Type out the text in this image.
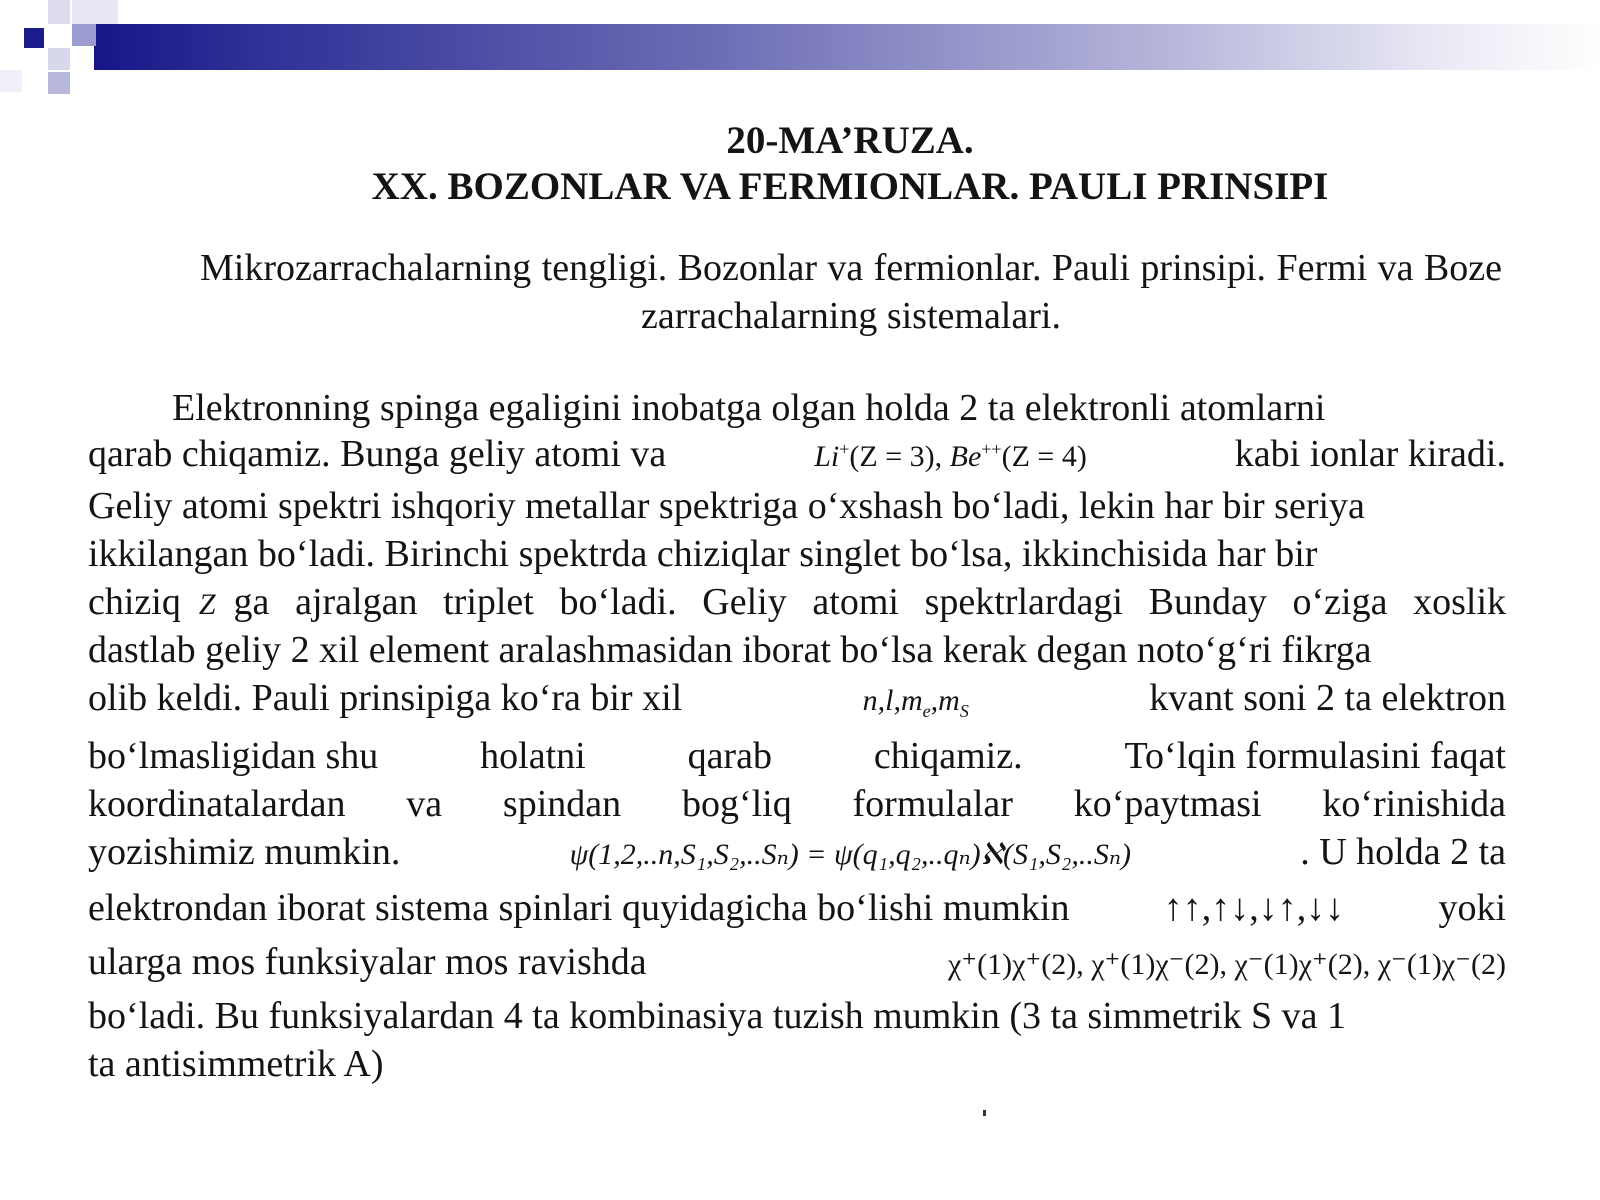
20-MA’RUZA.
XX. BOZONLAR VA FERMIONLAR. PAULI PRINSIPI
Mikrozarrachalarning tengligi. Bozonlar va fermionlar. Pauli prinsipi. Fermi va Boze zarrachalarning sistemalari.
Elektronning spinga egaligini inobatga olgan holda 2 ta elektronli atomlarni
qarab chiqamiz. Bunga geliy atomi va	Li+(Z = 3), Be++(Z = 4)	kabi ionlar kiradi.
Geliy atomi spektri ishqoriy metallar spektriga o‘xshash bo‘ladi, lekin har bir seriya
ikkilangan bo‘ladi. Birinchi spektrda chiziqlar singlet bo‘lsa, ikkinchisida har bir
chiziq Z ga ajralgan triplet bo‘ladi. Geliy atomi spektrlardagi Bunday o‘ziga xoslik
dastlab geliy 2 xil element aralashmasidan iborat bo‘lsa kerak degan noto‘g‘ri fikrga
olib keldi. Pauli prinsipiga ko‘ra bir xil	$n,l,m_e,m_S$	kvant soni 2 ta elektron
bo‘lmasligidan shu	holatni	qarab	chiqamiz.	To‘lqin formulasini faqat
koordinatalardan va spindan bog‘liq formulalar ko‘paytmasi ko‘rinishida
yozishimiz mumkin.	ψ(1,2,..n,S₁,S₂,..Sₙ) = ψ(q₁,q₂,..qₙ)ℵ(S₁,S₂,..Sₙ)	. U holda 2 ta
elektrondan iborat sistema spinlari quyidagicha bo‘lishi mumkin ↑↑,↑↓,↓↑,↓↓ yoki
ularga mos funksiyalar mos ravishda	χ⁺(1)χ⁺(2), χ⁺(1)χ⁻(2), χ⁻(1)χ⁺(2), χ⁻(1)χ⁻(2)
bo‘ladi. Bu funksiyalardan 4 ta kombinasiya tuzish mumkin (3 ta simmetrik S va 1
ta antisimmetrik A)
